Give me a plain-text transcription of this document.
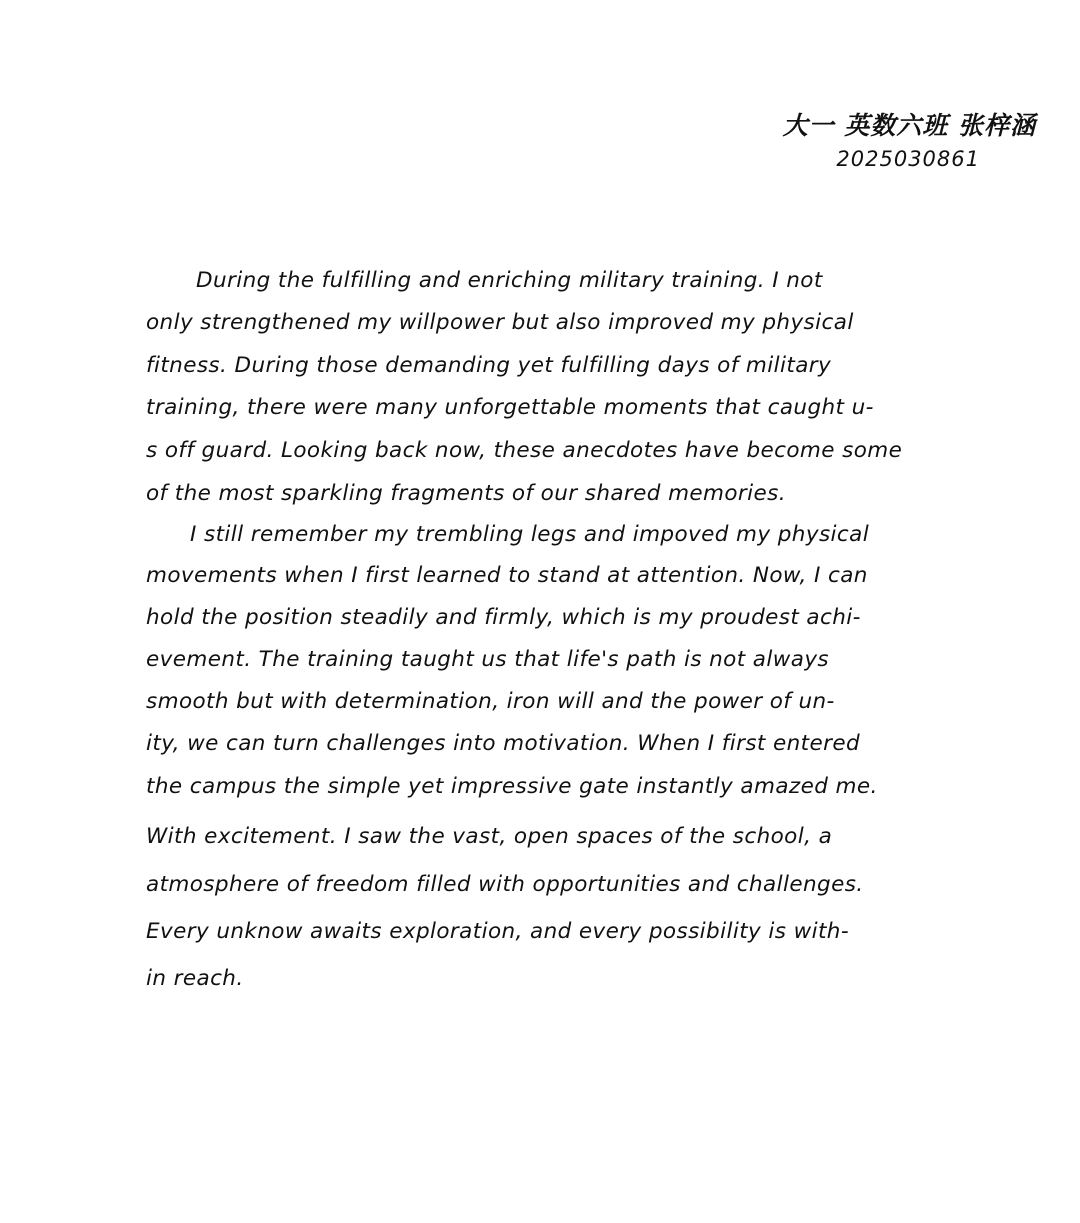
大一 英数六班 张梓涵
2025030861
During the fulfilling and enriching military training. I not
only strengthened my willpower but also improved my physical
fitness. During those demanding yet fulfilling days of military
training, there were many unforgettable moments that caught u-
s off guard. Looking back now, these anecdotes have become some
of the most sparkling fragments of our shared memories.
I still remember my trembling legs and impoved my physical
movements when I first learned to stand at attention. Now, I can
hold the position steadily and firmly, which is my proudest achi-
evement. The training taught us that life's path is not always
smooth but with determination, iron will and the power of un-
ity, we can turn challenges into motivation. When I first entered
the campus the simple yet impressive gate instantly amazed me.
With excitement. I saw the vast, open spaces of the school, a
atmosphere of freedom filled with opportunities and challenges.
Every unknow awaits exploration, and every possibility is with-
in reach.
